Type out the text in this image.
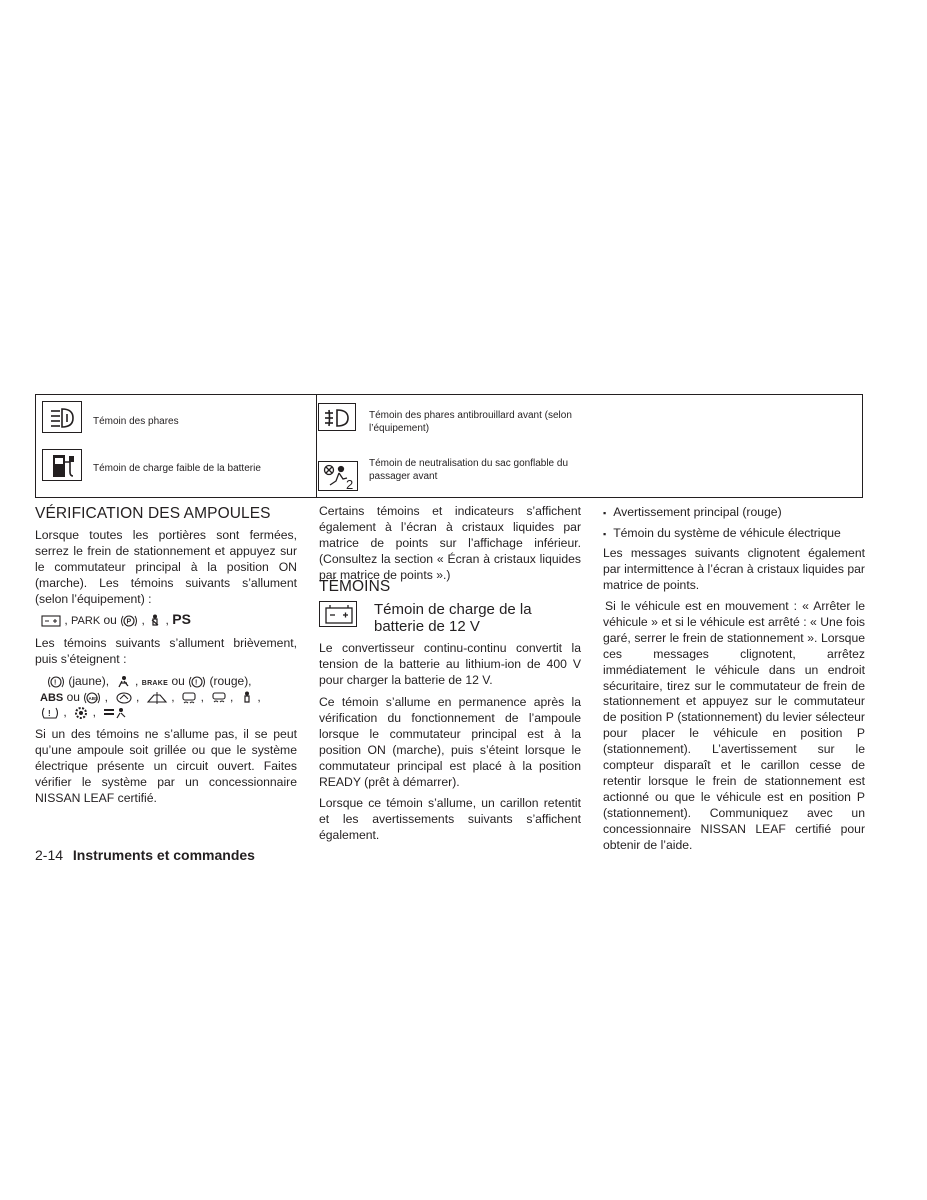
Témoin des phares
Témoin de charge faible de la batterie
Témoin des phares antibrouillard avant (selon l’équipement)
2
Témoin de neutralisation du sac gonflable du passager avant
VÉRIFICATION DES AMPOULES
Lorsque toutes les portières sont fermées, serrez le frein de stationnement et appuyez sur le commutateur principal à la position ON (marche). Les témoins suivants s’allument (selon l’équipement) :
, PARK ou P ,  , PS
Les témoins suivants s’allument brièvement, puis s’éteignent :
! (jaune),   , BRAKE ou ! (rouge),
ABS ou ABS ,   ,   ,   ,   ,   ,
! ,   ,
Si un des témoins ne s’allume pas, il se peut qu’une ampoule soit grillée ou que le système électrique présente un circuit ouvert. Faites vérifier le système par un concessionnaire NISSAN LEAF certifié.
Certains témoins et indicateurs s’affichent également à l’écran à cristaux liquides par matrice de points sur l’affichage inférieur. (Consultez la section « Écran à cristaux liquides par matrice de points ».)
TÉMOINS
Témoin de charge de la
batterie de 12 V
Le convertisseur continu-continu convertit la tension de la batterie au lithium-ion de 400 V pour charger la batterie de 12 V.
Ce témoin s’allume en permanence après la vérification du fonctionnement de l’ampoule lorsque le commutateur principal est à la position ON (marche), puis s’éteint lorsque le commutateur principal est placé à la position READY (prêt à démarrer).
Lorsque ce témoin s’allume, un carillon retentit et les avertissements suivants s’affichent également.
▪ Avertissement principal (rouge)
▪ Témoin du système de véhicule électrique
Les messages suivants clignotent également par intermittence à l’écran à cristaux liquides par matrice de points.
Si le véhicule est en mouvement : « Arrêter le véhicule » et si le véhicule est arrêté : « Une fois garé, serrer le frein de stationnement ». Lorsque ces messages clignotent, arrêtez immédiatement le véhicule dans un endroit sécuritaire, tirez sur le commutateur de frein de stationnement et appuyez sur le commutateur de position P (stationnement) du levier sélecteur pour placer le véhicule en position P (stationnement). L’avertissement sur le compteur disparaît et le carillon cesse de retentir lorsque le frein de stationnement est actionné ou que le véhicule est en position P (stationnement). Communiquez avec un concessionnaire NISSAN LEAF certifié pour obtenir de l’aide.
2-14 Instruments et commandes
